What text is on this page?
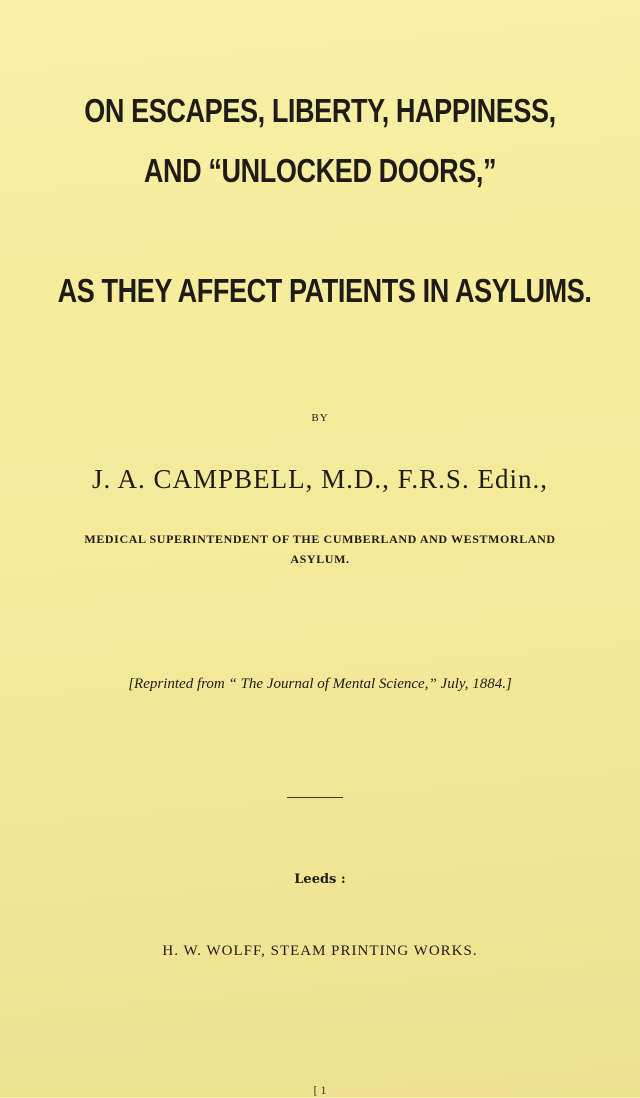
ON ESCAPES, LIBERTY, HAPPINESS,
AND “UNLOCKED DOORS,”
AS THEY AFFECT PATIENTS IN ASYLUMS.
BY
J. A. CAMPBELL, M.D., F.R.S. Edin.,
MEDICAL SUPERINTENDENT OF THE CUMBERLAND AND WESTMORLAND
ASYLUM.
[Reprinted from “ The Journal of Mental Science,” July, 1884.]
Leeds :
H. W. WOLFF, STEAM PRINTING WORKS.
[ 1
